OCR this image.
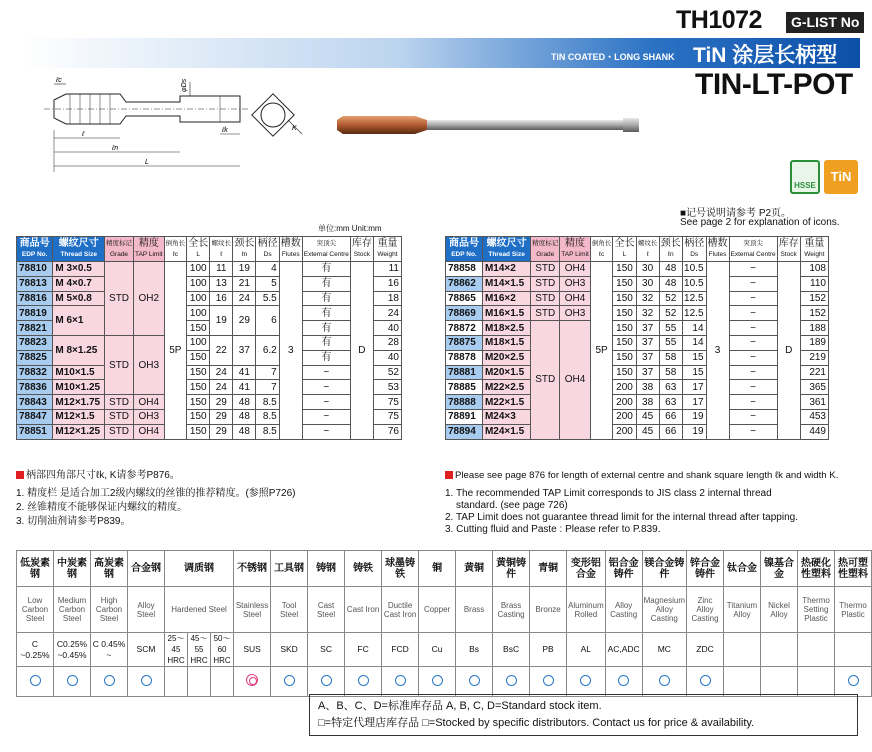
TH1072	G-LIST No
TiN COATED・LONG SHANK TiN 涂层长柄型
TIN-LT-POT
ℓc	φDs
ℓ
ℓn
L
ℓk	K
HSSE
TiN
■记号说明请参考 P2页。
See page 2 for explanation of icons.
单位:mm Unit:mm
商品号
EDP No.	螺纹尺寸
Thread Size	精度标记
Grade	精度
TAP Limit	倒角长
ℓc	全长
L	螺纹长
ℓ	颈长
ℓn	柄径
Ds	槽数
Flutes	突顶尖
External Centre	库存
Stock	重量
Weight

78810	M 3×0.5	STD	OH2	5P	100	11	19	4	3	有	D	11
78813	M 4×0.7				100	13	21	5		有		16
78816	M 5×0.8				100	16	24	5.5		有		18
78819	M 6×1				100	19	29	6		有		24
78821					150					有		40
78823	M 8×1.25	STD	OH3		100	22	37	6.2		有		28
78825					150					有		40
78832	M10×1.5				150	24	41	7		−		52
78836	M10×1.25				150	24	41	7		−		53
78843	M12×1.75	STD	OH4		150	29	48	8.5		−		75
78847	M12×1.5	STD	OH3		150	29	48	8.5		−		75
78851	M12×1.25	STD	OH4		150	29	48	8.5		−		76
商品号
EDP No.	螺纹尺寸
Thread Size	精度标记
Grade	精度
TAP Limit	倒角长
ℓc	全长
L	螺纹长
ℓ	颈长
ℓn	柄径
Ds	槽数
Flutes	突顶尖
External Centre	库存
Stock	重量
Weight

78858	M14×2	STD	OH4	5P	150	30	48	10.5	3	−	D	108
78862	M14×1.5	STD	OH3		150	30	48	10.5		−		110
78865	M16×2	STD	OH4		150	32	52	12.5		−		152
78869	M16×1.5	STD	OH3		150	32	52	12.5		−		152
78872	M18×2.5	STD	OH4		150	37	55	14		−		188
78875	M18×1.5				150	37	55	14		−		189
78878	M20×2.5				150	37	58	15		−		219
78881	M20×1.5				150	37	58	15		−		221
78885	M22×2.5				200	38	63	17		−		365
78888	M22×1.5				200	38	63	17		−		361
78891	M24×3				200	45	66	19		−		453
78894	M24×1.5				200	45	66	19		−		449
柄部四角部尺寸ℓk, K请参考P876。
1. 精度栏 是适合加工2级内螺纹的丝锥的推荐精度。(参照P726)
2. 丝锥精度不能够保证内螺纹的精度。
3. 切削油剂请参考P839。
Please see page 876 for length of external centre and shank square length ℓk and width K.
1. The recommended TAP Limit corresponds to JIS class 2 internal thread
standard. (see page 726)
2. TAP Limit does not guarantee thread limit for the internal thread after tapping.
3. Cutting fluid and Paste : Please refer to P.839.
低炭素钢	中炭素钢	高炭素钢	合金钢	调质钢			不锈钢	工具钢	铸钢	铸铁	球墨铸铁	铜	黄铜	黄铜铸件	青铜	变形铝合金	铝合金铸件	镁合金铸件	锌合金铸件	钛合金	镍基合金	热硬化性塑料	热可塑性塑料
Low Carbon Steel	Medium Carbon Steel	High Carbon Steel	Alloy Steel	Hardened Steel			Stainless Steel	Tool Steel	Cast Steel	Cast Iron	Ductile Cast Iron	Copper	Brass	Brass Casting	Bronze	Aluminum Rolled	Alloy Casting	Magnesium Alloy Casting	Zinc Alloy Casting	Titanium Alloy	Nickel Alloy	Thermo Setting Plastic	Thermo Plastic
C ~0.25%	C0.25% ~0.45%	C 0.45% ~	SCM	25～45 HRC	45～55 HRC	50～60 HRC	SUS	SKD	SC	FC	FCD	Cu	Bs	BsC	PB	AL	AC,ADC	MC	ZDC				

A、B、C、D=标准库存品 A, B, C, D=Standard stock item.
□=特定代理店库存品 □=Stocked by specific distributors. Contact us for price & availability.
